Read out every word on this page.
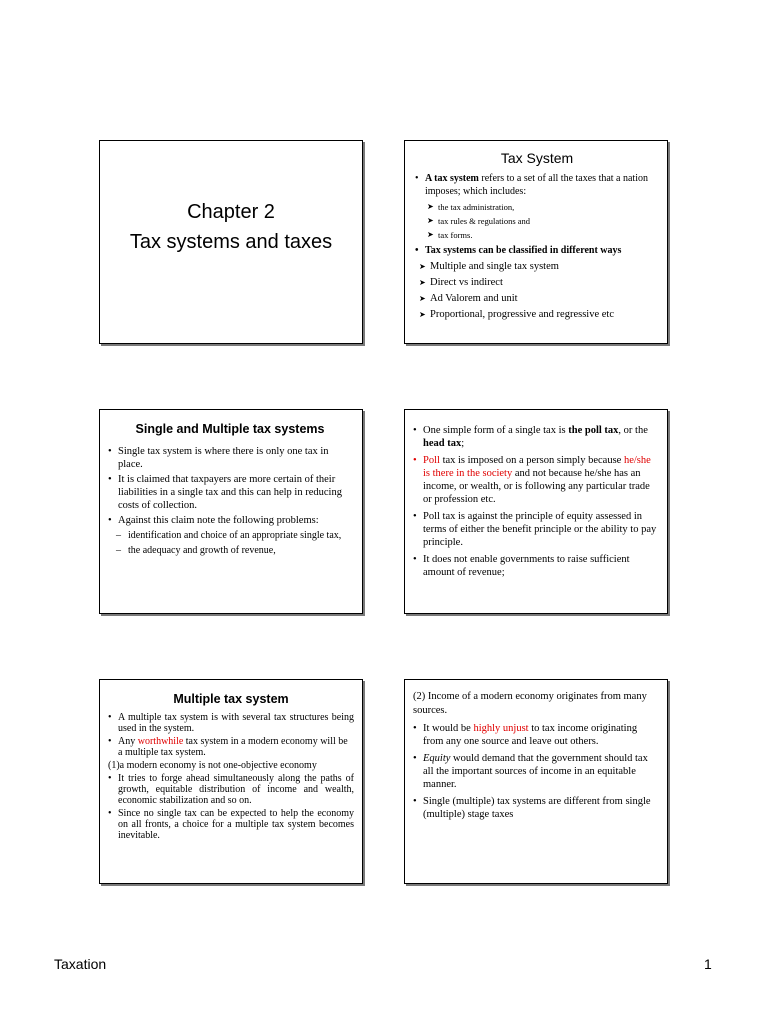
Chapter 2
Tax systems and taxes
Tax System
• A tax system refers to a set of all the taxes that a nation imposes; which includes:
➤ the tax administration,
➤ tax rules & regulations and
➤ tax forms.
• Tax systems can be classified in different ways
➤ Multiple and single tax system
➤ Direct vs indirect
➤ Ad Valorem and unit
➤ Proportional, progressive and regressive etc
Single and Multiple tax systems
• Single tax system is where there is only one tax in place.
• It is claimed that taxpayers are more certain of their liabilities in a single tax and this can help in reducing costs of collection.
• Against this claim note the following problems:
– identification and choice of an appropriate single tax,
– the adequacy and growth of revenue,
• One simple form of a single tax is the poll tax, or the head tax;
• Poll tax is imposed on a person simply because he/she is there in the society and not because he/she has an income, or wealth, or is following any particular trade or profession etc.
• Poll tax is against the principle of equity assessed in terms of either the benefit principle or the ability to pay principle.
• It does not enable governments to raise sufficient amount of revenue;
Multiple tax system
• A multiple tax system is with several tax structures being used in the system.
• Any worthwhile tax system in a modern economy will be a multiple tax system.
(1)a modern economy is not one-objective economy
• It tries to forge ahead simultaneously along the paths of growth, equitable distribution of income and wealth, economic stabilization and so on.
• Since no single tax can be expected to help the economy on all fronts, a choice for a multiple tax system becomes inevitable.
(2) Income of a modern economy originates from many sources.
• It would be highly unjust to tax income originating from any one source and leave out others.
• Equity would demand that the government should tax all the important sources of income in an equitable manner.
• Single (multiple) tax systems are different from single (multiple) stage taxes
Taxation	1
